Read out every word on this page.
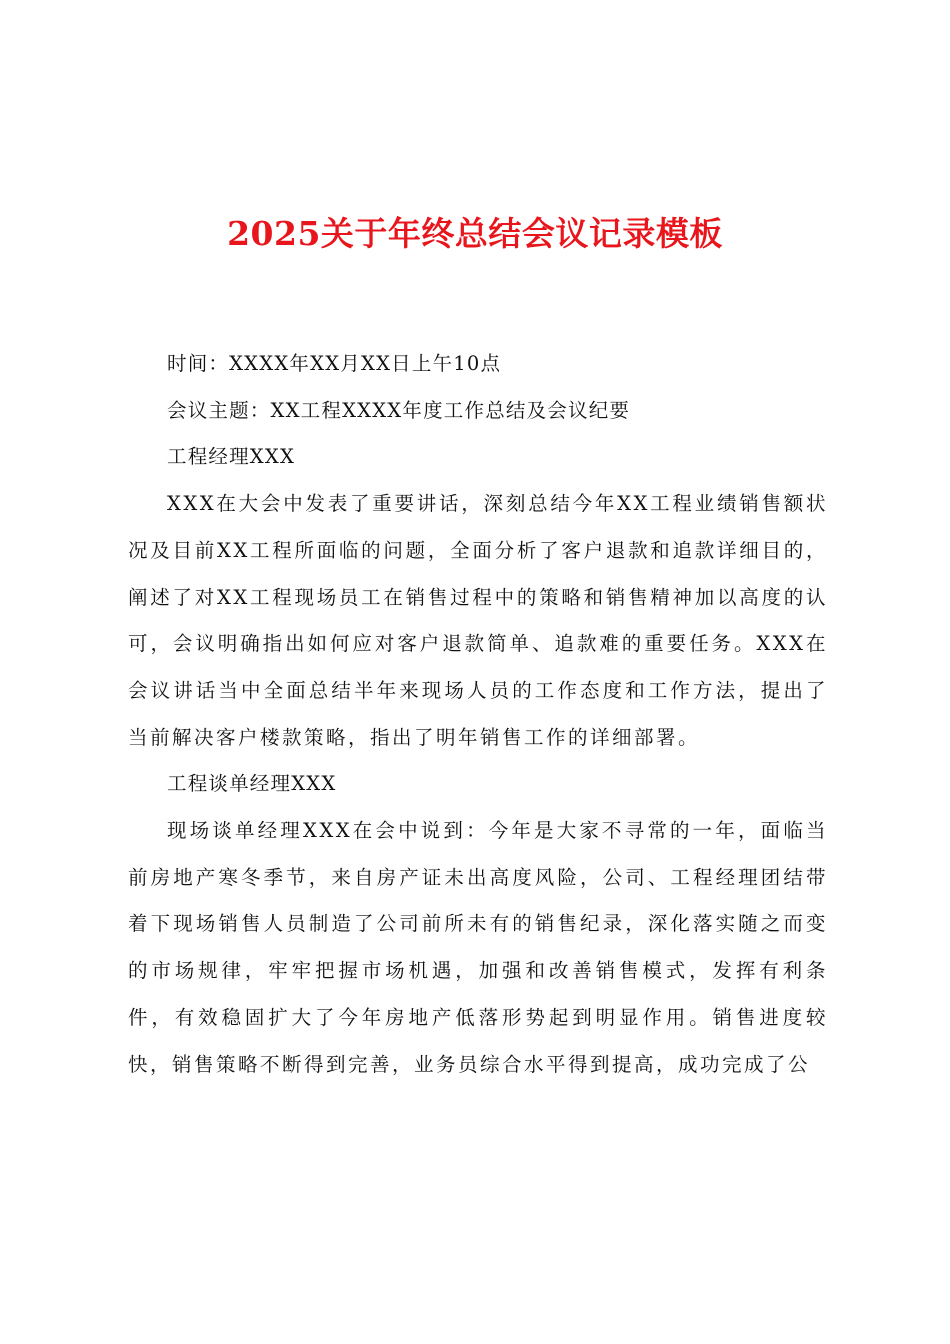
2025关于年终总结会议记录模板

时间：XXXX年XX月XX日上午10点

会议主题：XX工程XXXX年度工作总结及会议纪要

工程经理XXX

XXX在大会中发表了重要讲话，深刻总结今年XX工程业绩销售额状况及目前XX工程所面临的问题，全面分析了客户退款和追款详细目的，阐述了对XX工程现场员工在销售过程中的策略和销售精神加以高度的认可，会议明确指出如何应对客户退款简单、追款难的重要任务。XXX在会议讲话当中全面总结半年来现场人员的工作态度和工作方法，提出了当前解决客户楼款策略，指出了明年销售工作的详细部署。

工程谈单经理XXX

现场谈单经理XXX在会中说到：今年是大家不寻常的一年，面临当前房地产寒冬季节，来自房产证未出高度风险，公司、工程经理团结带着下现场销售人员制造了公司前所未有的销售纪录，深化落实随之而变的市场规律，牢牢把握市场机遇，加强和改善销售模式，发挥有利条件，有效稳固扩大了今年房地产低落形势起到明显作用。销售进度较快，销售策略不断得到完善，业务员综合水平得到提高，成功完成了公
